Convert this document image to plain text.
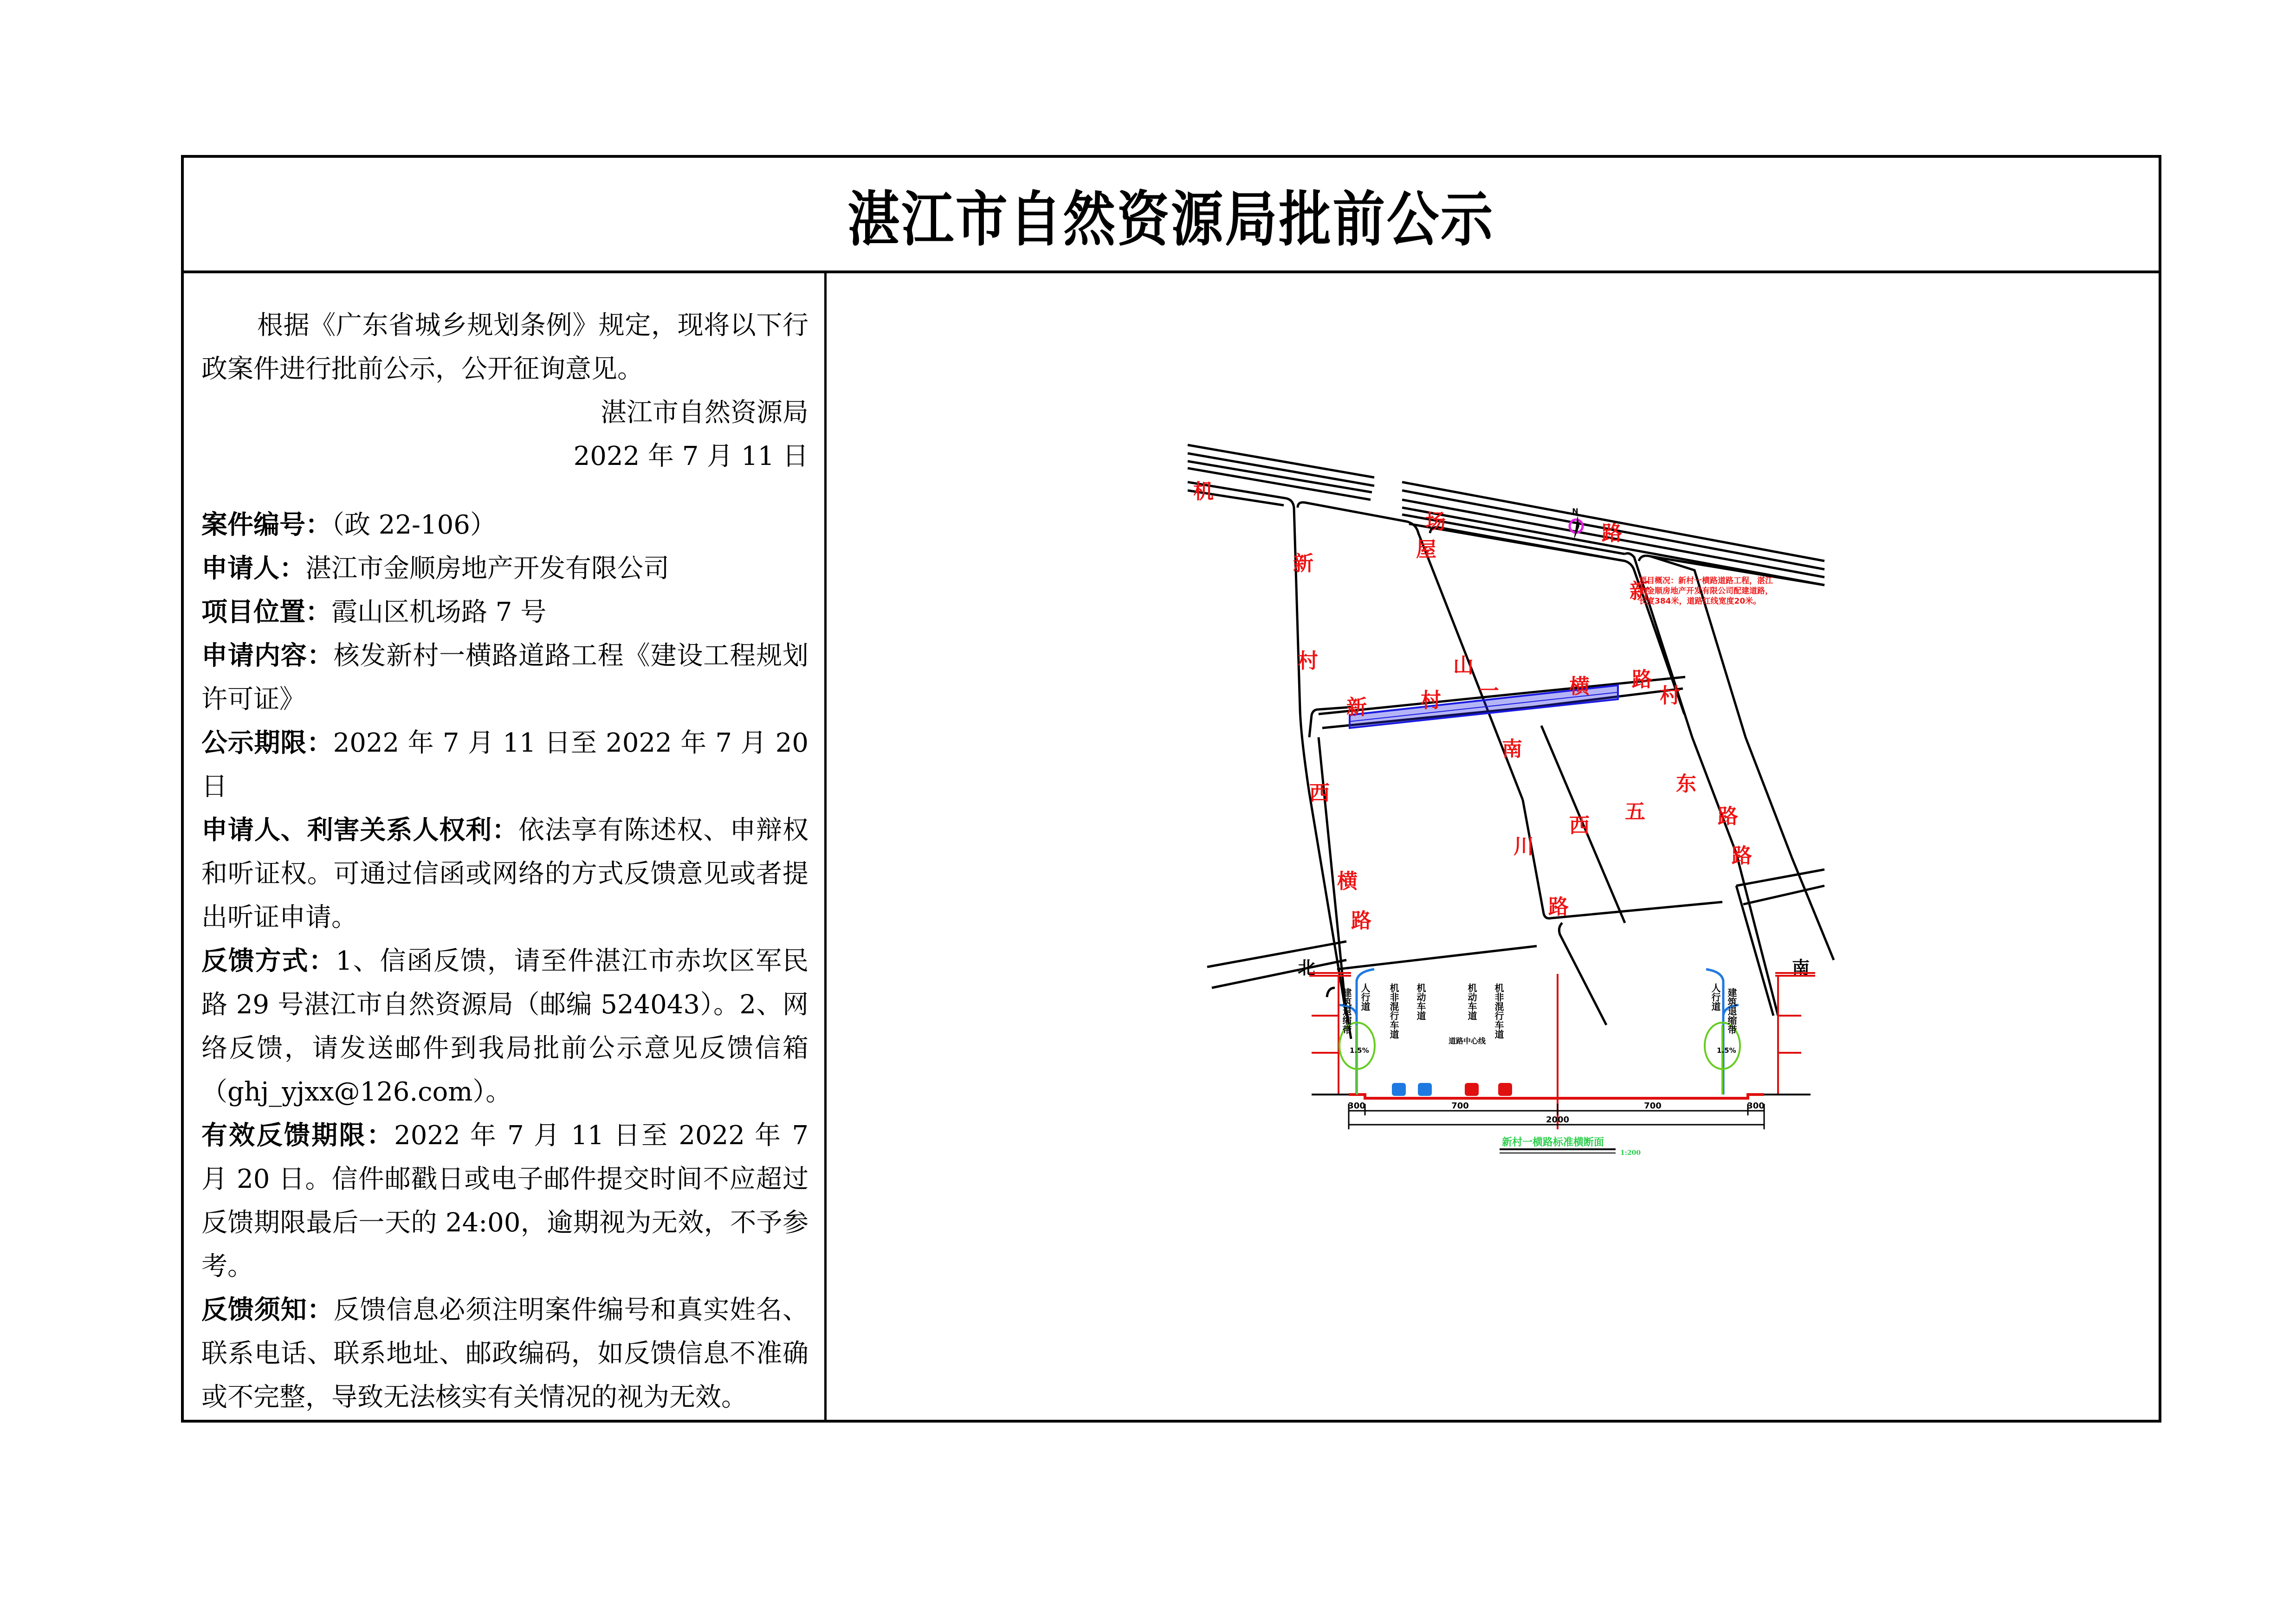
湛江市自然资源局批前公示
根据《广东省城乡规划条例》规定，现将以下行政案件进行批前公示，公开征询意见。
湛江市自然资源局
2022 年 7 月 11 日
案件编号：（政 22-106）
申请人：湛江市金顺房地产开发有限公司
项目位置：霞山区机场路 7 号
申请内容：核发新村一横路道路工程《建设工程规划许可证》
公示期限：2022 年 7 月 11 日至 2022 年 7 月 20 日
申请人、利害关系人权利：依法享有陈述权、申辩权和听证权。可通过信函或网络的方式反馈意见或者提出听证申请。
反馈方式：1、信函反馈，请至件湛江市赤坎区军民路 29 号湛江市自然资源局（邮编 524043）。2、网络反馈，请发送邮件到我局批前公示意见反馈信箱（ghj_yjxx@126.com）。
有效反馈期限：2022 年 7 月 11 日至 2022 年 7 月 20 日。信件邮戳日或电子邮件提交时间不应超过反馈期限最后一天的 24:00，逾期视为无效，不予参考。
反馈须知：反馈信息必须注明案件编号和真实姓名、联系电话、联系地址、邮政编码，如反馈信息不准确或不完整，导致无法核实有关情况的视为无效。
N
项目概况：新村一横路道路工程，湛江
市金顺房地产开发有限公司配建道路，
长度384米，道路红线宽度20米。
机
场	路
新
村
西
屋
山
南
新	村 一	横
新
路
村
东
路
五
西
川
横
路
路
路
北	南
建筑退缩带 人行道 机非混行车道 机动车道	机动车道 机非混行车道	人行道 建筑退缩带
道路中心线
1.5%	1.5%
300	700	700	300
2000
新村一横路标准横断面
1:200
